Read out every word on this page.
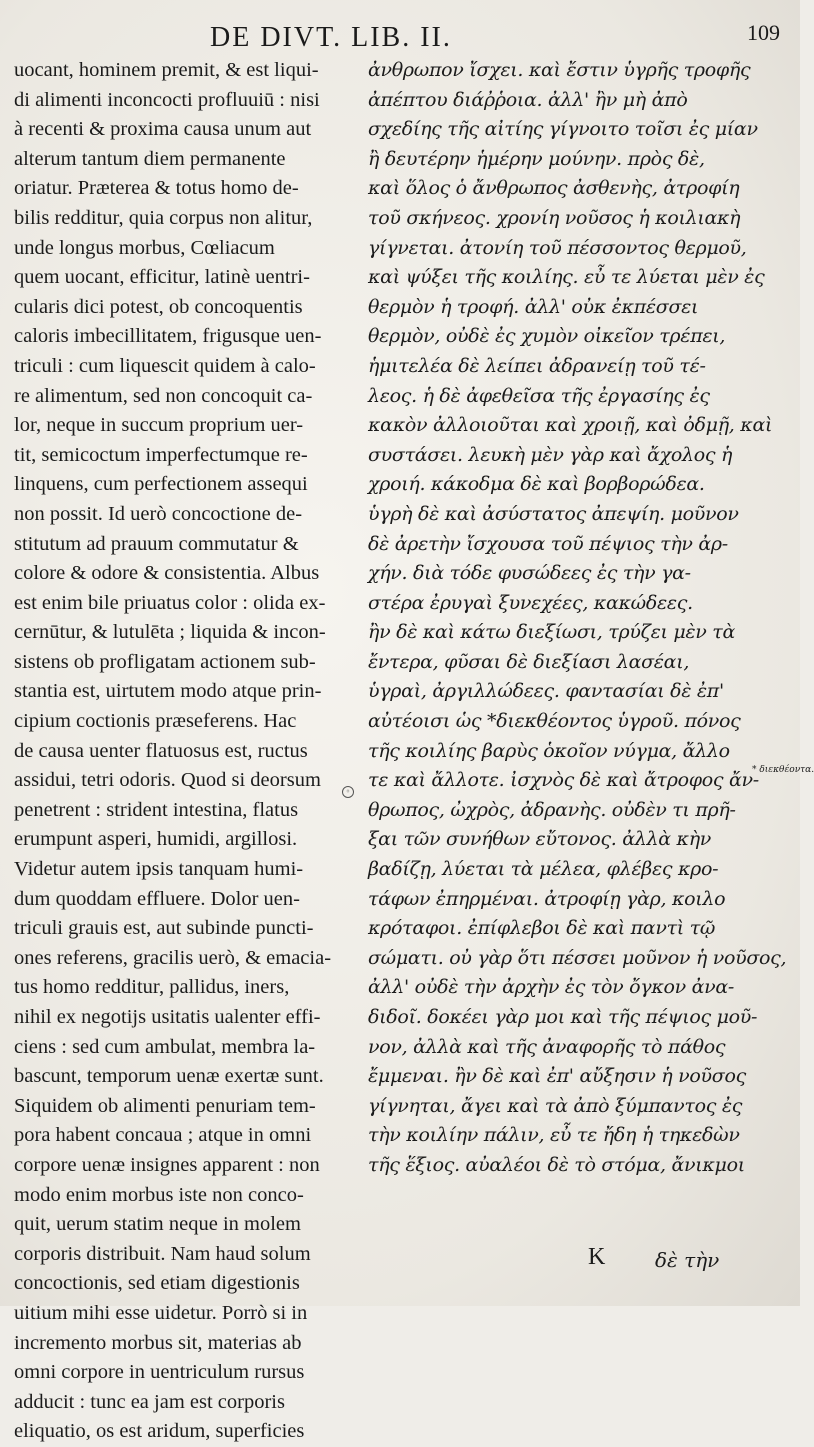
DE DIVT. LIB. II.	109
uocant, hominem premit, & est liqui-
di alimenti inconcocti profluuiū : nisi
à recenti & proxima causa unum aut
alterum tantum diem permanente
oriatur. Præterea & totus homo de-
bilis redditur, quia corpus non alitur,
unde longus morbus, Cœliacum
quem uocant, efficitur, latinè uentri-
cularis dici potest, ob concoquentis
caloris imbecillitatem, frigusque uen-
triculi : cum liquescit quidem à calo-
re alimentum, sed non concoquit ca-
lor, neque in succum proprium uer-
tit, semicoctum imperfectumque re-
linquens, cum perfectionem assequi
non possit. Id uerò concoctione de-
stitutum ad prauum commutatur &
colore & odore & consistentia. Albus
est enim bile priuatus color : olida ex-
cernūtur, & lutulēta ; liquida & incon-
sistens ob profligatam actionem sub-
stantia est, uirtutem modo atque prin-
cipium coctionis præseferens. Hac
de causa uenter flatuosus est, ructus
assidui, tetri odoris. Quod si deorsum
penetrent : strident intestina, flatus
erumpunt asperi, humidi, argillosi.
Videtur autem ipsis tanquam humi-
dum quoddam effluere. Dolor uen-
triculi grauis est, aut subinde puncti-
ones referens, gracilis uerò, & emacia-
tus homo redditur, pallidus, iners,
nihil ex negotijs usitatis ualenter effi-
ciens : sed cum ambulat, membra la-
bascunt, temporum uenæ exertæ sunt.
Siquidem ob alimenti penuriam tem-
pora habent concaua ; atque in omni
corpore uenæ insignes apparent : non
modo enim morbus iste non conco-
quit, uerum statim neque in molem
corporis distribuit. Nam haud solum
concoctionis, sed etiam digestionis
uitium mihi esse uidetur. Porrò si in
incremento morbus sit, materias ab
omni corpore in uentriculum rursus
adducit : tunc ea jam est corporis
eliquatio, os est aridum, superficies
ἀνθρωπον ἴσχει. καὶ ἔστιν ὑγρῆς τροφῆς
ἀπέπτου διάῤῥοια. ἀλλ' ἢν μὴ ἀπὸ
σχεδίης τῆς αἰτίης γίγνοιτο τοῖσι ἐς μίαν
ἢ δευτέρην ἡμέρην μούνην. πρὸς δὲ,
καὶ ὅλος ὁ ἄνθρωπος ἀσθενὴς, ἀτροφίη
τοῦ σκήνεος. χρονίη νοῦσος ἡ κοιλιακὴ
γίγνεται. ἀτονίη τοῦ πέσσοντος θερμοῦ,
καὶ ψύξει τῆς κοιλίης. εὖ τε λύεται μὲν ἐς
θερμὸν ἡ τροφή. ἀλλ' οὐκ ἐκπέσσει
θερμὸν, οὐδὲ ἐς χυμὸν οἰκεῖον τρέπει,
ἡμιτελέα δὲ λείπει ἀδρανείῃ τοῦ τέ-
λεος. ἡ δὲ ἀφεθεῖσα τῆς ἐργασίης ἐς
κακὸν ἀλλοιοῦται καὶ χροιῇ, καὶ ὀδμῇ, καὶ
συστάσει. λευκὴ μὲν γὰρ καὶ ἄχολος ἡ
χροιή. κάκοδμα δὲ καὶ βορβορώδεα.
ὑγρὴ δὲ καὶ ἀσύστατος ἀπεψίη. μοῦνον
δὲ ἀρετὴν ἴσχουσα τοῦ πέψιος τὴν ἀρ-
χήν. διὰ τόδε φυσώδεες ἐς τὴν γα-
στέρα ἐρυγαὶ ξυνεχέες, κακώδεες.
ἢν δὲ καὶ κάτω διεξίωσι, τρύζει μὲν τὰ
ἔντερα, φῦσαι δὲ διεξίασι λασέαι,
ὑγραὶ, ἀργιλλώδεες. φαντασίαι δὲ ἐπ'
αὐτέοισι ὡς *διεκθέοντος ὑγροῦ. πόνος
τῆς κοιλίης βαρὺς ὁκοῖον νύγμα, ἄλλο
τε καὶ ἄλλοτε. ἰσχνὸς δὲ καὶ ἄτροφος ἄν-
θρωπος, ὠχρὸς, ἀδρανὴς. οὐδὲν τι πρῆ-
ξαι τῶν συνήθων εὔτονος. ἀλλὰ κὴν
βαδίζῃ, λύεται τὰ μέλεα, φλέβες κρο-
τάφων ἐπηρμέναι. ἀτροφίῃ γὰρ, κοιλο
κρόταφοι. ἐπίφλεβοι δὲ καὶ παντὶ τῷ
σώματι. οὐ γὰρ ὅτι πέσσει μοῦνον ἡ νοῦσος,
ἀλλ' οὐδὲ τὴν ἀρχὴν ἐς τὸν ὄγκον ἀνα-
διδοῖ. δοκέει γὰρ μοι καὶ τῆς πέψιος μοῦ-
νον, ἀλλὰ καὶ τῆς ἀναφορῆς τὸ πάθος
ἔμμεναι. ἢν δὲ καὶ ἐπ' αὔξησιν ἡ νοῦσος
γίγνηται, ἄγει καὶ τὰ ἀπὸ ξύμπαντος ἐς
τὴν κοιλίην πάλιν, εὖ τε ἤδη ἡ τηκεδὼν
τῆς ἕξιος. αὐαλέοι δὲ τὸ στόμα, ἄνικμοι
◦
* διεκθέοντα.
K δὲ τὴν
